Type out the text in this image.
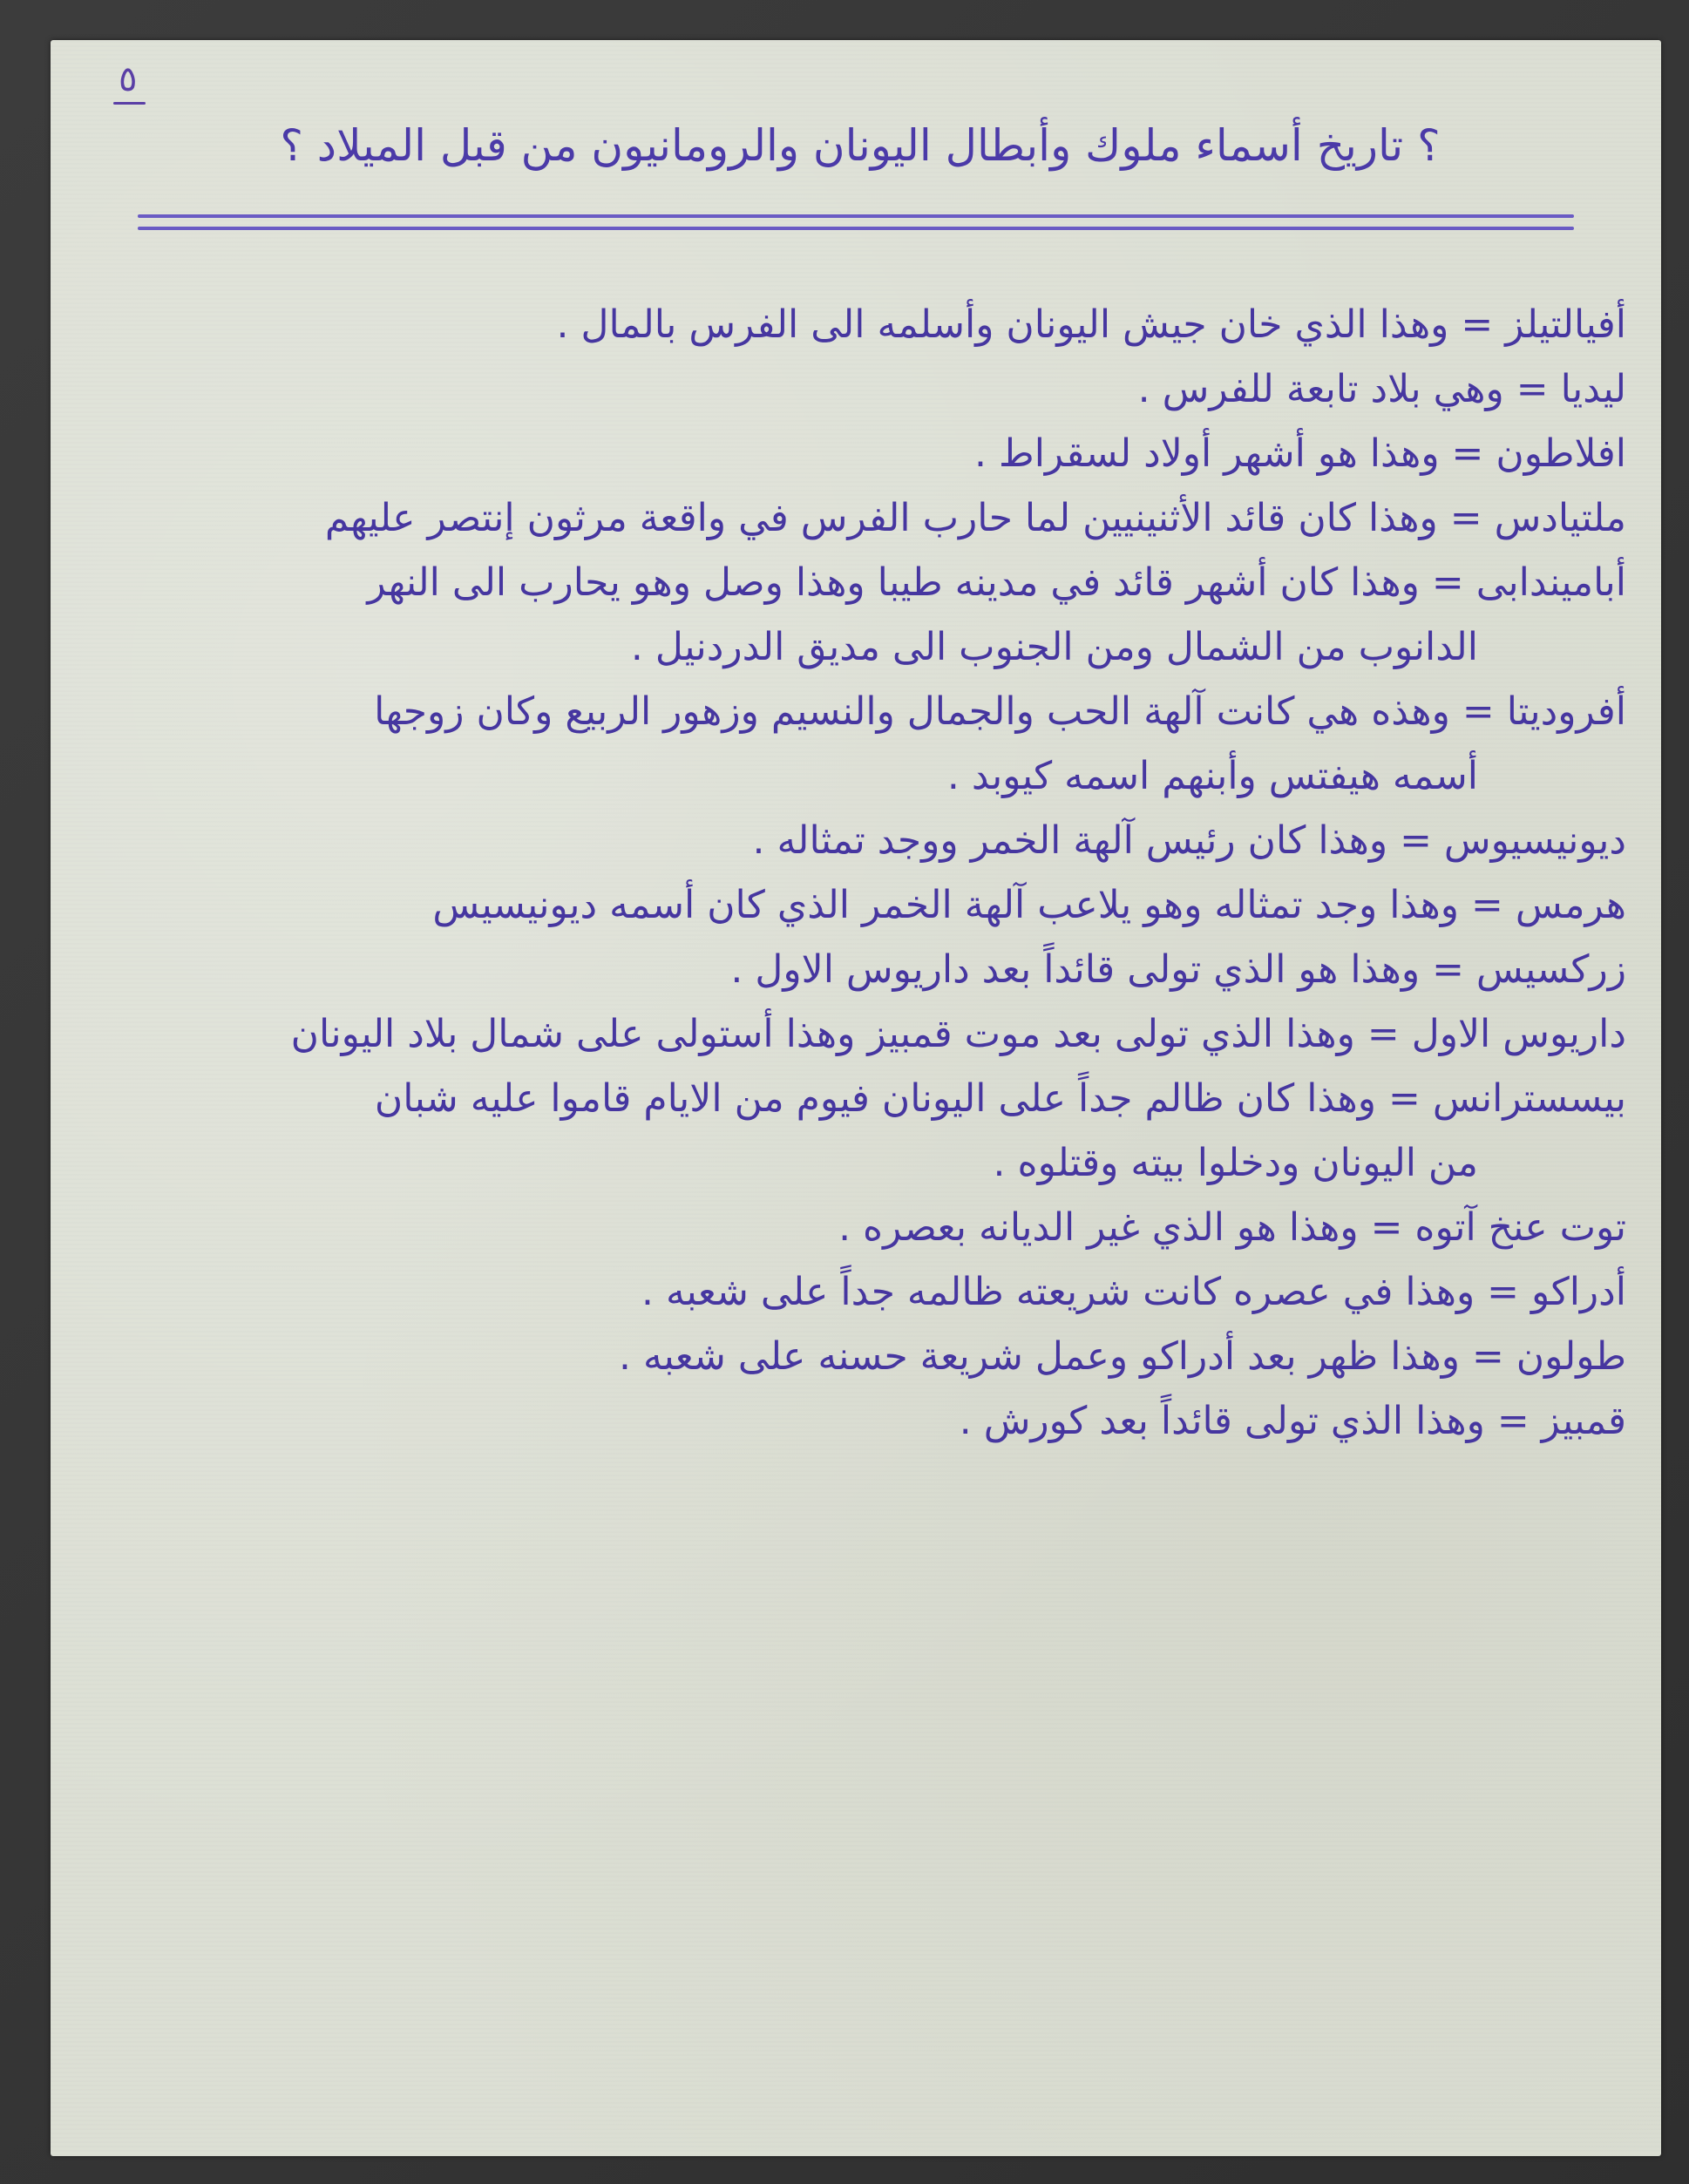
٥
؟ تاريخ أسماء ملوك وأبطال اليونان والرومانيون من قبل الميلاد ؟
أفيالتيلز = وهذا الذي خان جيش اليونان وأسلمه الى الفرس بالمال .
ليديا = وهي بلاد تابعة للفرس .
افلاطون = وهذا هو أشهر أولاد لسقراط .
ملتيادس = وهذا كان قائد الأثنينيين لما حارب الفرس في واقعة مرثون إنتصر عليهم
أباميندابى = وهذا كان أشهر قائد في مدينه طيبا وهذا وصل وهو يحارب الى النهر
الدانوب من الشمال ومن الجنوب الى مديق الدردنيل .
أفروديتا = وهذه هي كانت آلهة الحب والجمال والنسيم وزهور الربيع وكان زوجها
أسمه هيفتس وأبنهم اسمه كيوبد .
ديونيسيوس = وهذا كان رئيس آلهة الخمر ووجد تمثاله .
هرمس = وهذا وجد تمثاله وهو يلاعب آلهة الخمر الذي كان أسمه ديونيسيس
زركسيس = وهذا هو الذي تولى قائداً بعد داريوس الاول .
داريوس الاول = وهذا الذي تولى بعد موت قمبيز وهذا أستولى على شمال بلاد اليونان
بيسسترانس = وهذا كان ظالم جداً على اليونان فيوم من الايام قاموا عليه شبان
من اليونان ودخلوا بيته وقتلوه .
توت عنخ آتوه = وهذا هو الذي غير الديانه بعصره .
أدراكو = وهذا في عصره كانت شريعته ظالمه جداً على شعبه .
طولون = وهذا ظهر بعد أدراكو وعمل شريعة حسنه على شعبه .
قمبيز = وهذا الذي تولى قائداً بعد كورش .
